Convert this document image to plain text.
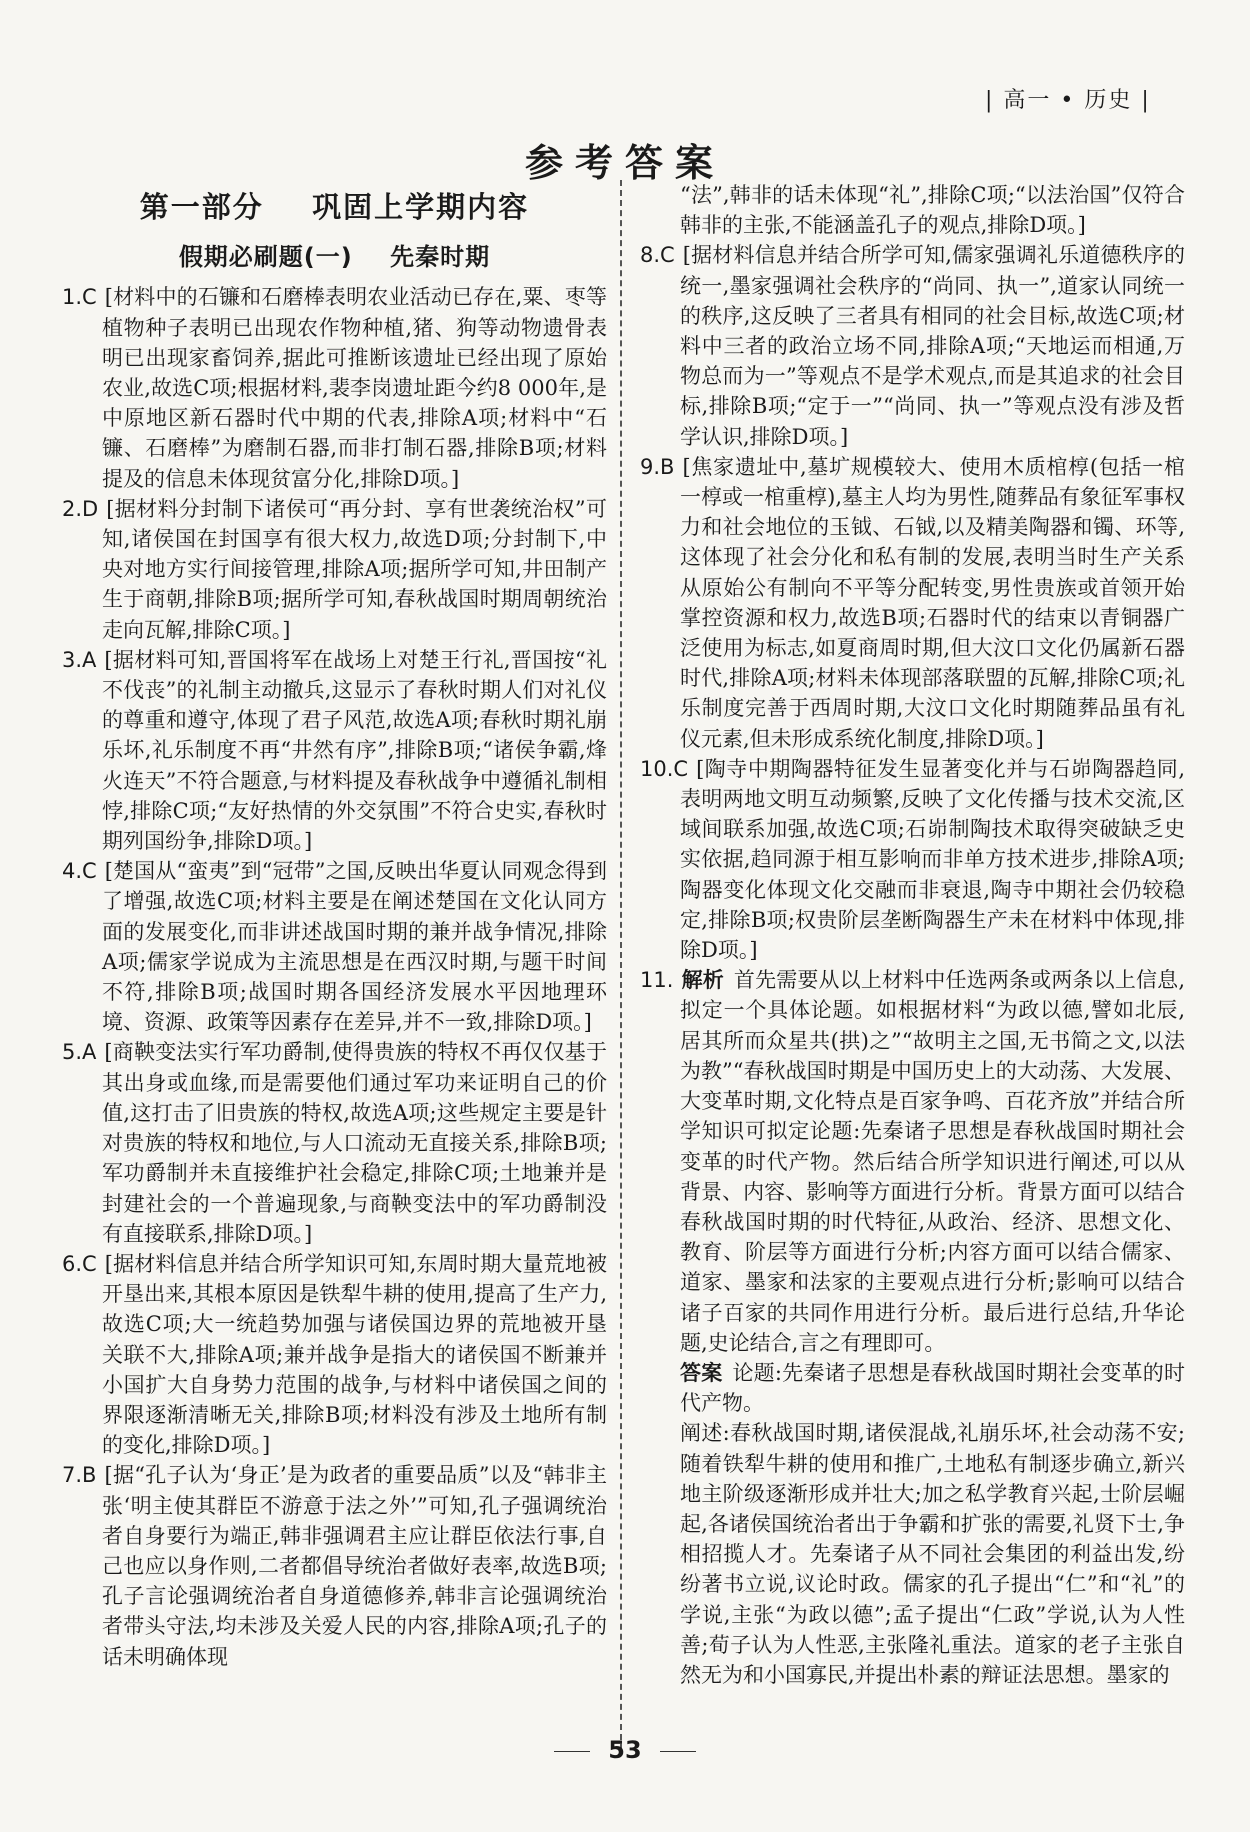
| 高一 • 历史 |
参考答案
第一部分    巩固上学期内容
假期必刷题(一)    先秦时期

1.C [材料中的石镰和石磨棒表明农业活动已存在,粟、枣等植物种子表明已出现农作物种植,猪、狗等动物遗骨表明已出现家畜饲养,据此可推断该遗址已经出现了原始农业,故选C项;根据材料,裴李岗遗址距今约8 000年,是中原地区新石器时代中期的代表,排除A项;材料中“石镰、石磨棒”为磨制石器,而非打制石器,排除B项;材料提及的信息未体现贫富分化,排除D项。]

2.D [据材料分封制下诸侯可“再分封、享有世袭统治权”可知,诸侯国在封国享有很大权力,故选D项;分封制下,中央对地方实行间接管理,排除A项;据所学可知,井田制产生于商朝,排除B项;据所学可知,春秋战国时期周朝统治走向瓦解,排除C项。]

3.A [据材料可知,晋国将军在战场上对楚王行礼,晋国按“礼不伐丧”的礼制主动撤兵,这显示了春秋时期人们对礼仪的尊重和遵守,体现了君子风范,故选A项;春秋时期礼崩乐坏,礼乐制度不再“井然有序”,排除B项;“诸侯争霸,烽火连天”不符合题意,与材料提及春秋战争中遵循礼制相悖,排除C项;“友好热情的外交氛围”不符合史实,春秋时期列国纷争,排除D项。]

4.C [楚国从“蛮夷”到“冠带”之国,反映出华夏认同观念得到了增强,故选C项;材料主要是在阐述楚国在文化认同方面的发展变化,而非讲述战国时期的兼并战争情况,排除A项;儒家学说成为主流思想是在西汉时期,与题干时间不符,排除B项;战国时期各国经济发展水平因地理环境、资源、政策等因素存在差异,并不一致,排除D项。]

5.A [商鞅变法实行军功爵制,使得贵族的特权不再仅仅基于其出身或血缘,而是需要他们通过军功来证明自己的价值,这打击了旧贵族的特权,故选A项;这些规定主要是针对贵族的特权和地位,与人口流动无直接关系,排除B项;军功爵制并未直接维护社会稳定,排除C项;土地兼并是封建社会的一个普遍现象,与商鞅变法中的军功爵制没有直接联系,排除D项。]

6.C [据材料信息并结合所学知识可知,东周时期大量荒地被开垦出来,其根本原因是铁犁牛耕的使用,提高了生产力,故选C项;大一统趋势加强与诸侯国边界的荒地被开垦关联不大,排除A项;兼并战争是指大的诸侯国不断兼并小国扩大自身势力范围的战争,与材料中诸侯国之间的界限逐渐清晰无关,排除B项;材料没有涉及土地所有制的变化,排除D项。]

7.B [据“孔子认为‘身正’是为政者的重要品质”以及“韩非主张‘明主使其群臣不游意于法之外’”可知,孔子强调统治者自身要行为端正,韩非强调君主应让群臣依法行事,自己也应以身作则,二者都倡导统治者做好表率,故选B项;孔子言论强调统治者自身道德修养,韩非言论强调统治者带头守法,均未涉及关爱人民的内容,排除A项;孔子的话未明确体现

“法”,韩非的话未体现“礼”,排除C项;“以法治国”仅符合韩非的主张,不能涵盖孔子的观点,排除D项。]

8.C [据材料信息并结合所学可知,儒家强调礼乐道德秩序的统一,墨家强调社会秩序的“尚同、执一”,道家认同统一的秩序,这反映了三者具有相同的社会目标,故选C项;材料中三者的政治立场不同,排除A项;“天地运而相通,万物总而为一”等观点不是学术观点,而是其追求的社会目标,排除B项;“定于一”“尚同、执一”等观点没有涉及哲学认识,排除D项。]

9.B [焦家遗址中,墓圹规模较大、使用木质棺椁(包括一棺一椁或一棺重椁),墓主人均为男性,随葬品有象征军事权力和社会地位的玉钺、石钺,以及精美陶器和镯、环等,这体现了社会分化和私有制的发展,表明当时生产关系从原始公有制向不平等分配转变,男性贵族或首领开始掌控资源和权力,故选B项;石器时代的结束以青铜器广泛使用为标志,如夏商周时期,但大汶口文化仍属新石器时代,排除A项;材料未体现部落联盟的瓦解,排除C项;礼乐制度完善于西周时期,大汶口文化时期随葬品虽有礼仪元素,但未形成系统化制度,排除D项。]

10.C [陶寺中期陶器特征发生显著变化并与石峁陶器趋同,表明两地文明互动频繁,反映了文化传播与技术交流,区域间联系加强,故选C项;石峁制陶技术取得突破缺乏史实依据,趋同源于相互影响而非单方技术进步,排除A项;陶器变化体现文化交融而非衰退,陶寺中期社会仍较稳定,排除B项;权贵阶层垄断陶器生产未在材料中体现,排除D项。]

11. 解析 首先需要从以上材料中任选两条或两条以上信息,拟定一个具体论题。如根据材料“为政以德,譬如北辰,居其所而众星共(拱)之”“故明主之国,无书简之文,以法为教”“春秋战国时期是中国历史上的大动荡、大发展、大变革时期,文化特点是百家争鸣、百花齐放”并结合所学知识可拟定论题:先秦诸子思想是春秋战国时期社会变革的时代产物。然后结合所学知识进行阐述,可以从背景、内容、影响等方面进行分析。背景方面可以结合春秋战国时期的时代特征,从政治、经济、思想文化、教育、阶层等方面进行分析;内容方面可以结合儒家、道家、墨家和法家的主要观点进行分析;影响可以结合诸子百家的共同作用进行分析。最后进行总结,升华论题,史论结合,言之有理即可。

答案 论题:先秦诸子思想是春秋战国时期社会变革的时代产物。

阐述:春秋战国时期,诸侯混战,礼崩乐坏,社会动荡不安;随着铁犁牛耕的使用和推广,土地私有制逐步确立,新兴地主阶级逐渐形成并壮大;加之私学教育兴起,士阶层崛起,各诸侯国统治者出于争霸和扩张的需要,礼贤下士,争相招揽人才。先秦诸子从不同社会集团的利益出发,纷纷著书立说,议论时政。儒家的孔子提出“仁”和“礼”的学说,主张“为政以德”;孟子提出“仁政”学说,认为人性善;荀子认为人性恶,主张隆礼重法。道家的老子主张自然无为和小国寡民,并提出朴素的辩证法思想。墨家的

53
